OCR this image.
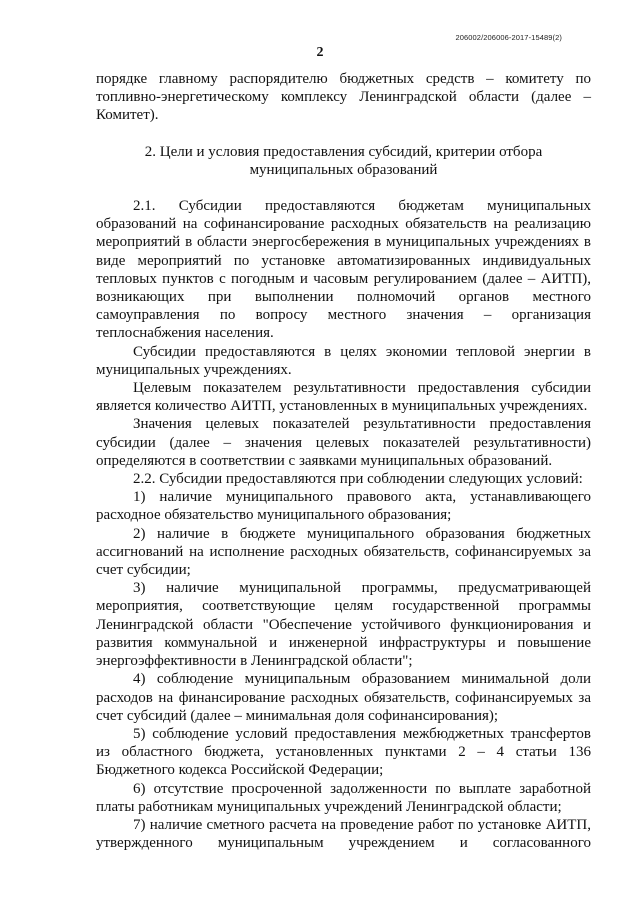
206002/206006-2017-15489(2)
2

порядке главному распорядителю бюджетных средств – комитету по топливно-энергетическому комплексу Ленинградской области (далее – Комитет).

2. Цели и условия предоставления субсидий, критерии отбора муниципальных образований

2.1. Субсидии предоставляются бюджетам муниципальных образований на софинансирование расходных обязательств на реализацию мероприятий в области энергосбережения в муниципальных учреждениях в виде мероприятий по установке автоматизированных индивидуальных тепловых пунктов с погодным и часовым регулированием (далее – АИТП), возникающих при выполнении полномочий органов местного самоуправления по вопросу местного значения – организация теплоснабжения населения.

Субсидии предоставляются в целях экономии тепловой энергии в муниципальных учреждениях.

Целевым показателем результативности предоставления субсидии является количество АИТП, установленных в муниципальных учреждениях.

Значения целевых показателей результативности предоставления субсидии (далее – значения целевых показателей результативности) определяются в соответствии с заявками муниципальных образований.

2.2. Субсидии предоставляются при соблюдении следующих условий:

1) наличие муниципального правового акта, устанавливающего расходное обязательство муниципального образования;

2) наличие в бюджете муниципального образования бюджетных ассигнований на исполнение расходных обязательств, софинансируемых за счет субсидии;

3) наличие муниципальной программы, предусматривающей мероприятия, соответствующие целям государственной программы Ленинградской области "Обеспечение устойчивого функционирования и развития коммунальной и инженерной инфраструктуры и повышение энергоэффективности в Ленинградской области";

4) соблюдение муниципальным образованием минимальной доли расходов на финансирование расходных обязательств, софинансируемых за счет субсидий (далее – минимальная доля софинансирования);

5) соблюдение условий предоставления межбюджетных трансфертов из областного бюджета, установленных пунктами 2 – 4 статьи 136 Бюджетного кодекса Российской Федерации;

6) отсутствие просроченной задолженности по выплате заработной платы работникам муниципальных учреждений Ленинградской области;

7) наличие сметного расчета на проведение работ по установке АИТП, утвержденного муниципальным учреждением и согласованного
